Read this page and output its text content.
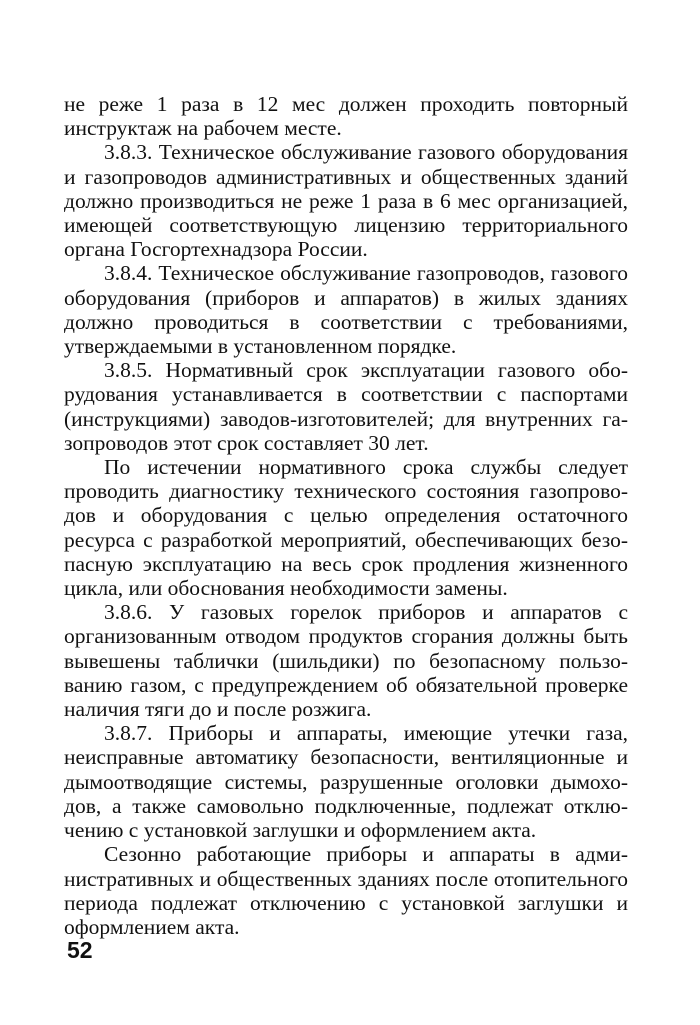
не реже 1 раза в 12 мес должен проходить повторный инструктаж на рабочем месте.

3.8.3. Техническое обслуживание газового оборудования и газопроводов административных и общественных зданий должно производиться не реже 1 раза в 6 мес организацией, имеющей соответствующую лицензию территориального органа Госгортехнадзора России.

3.8.4. Техническое обслуживание газопроводов, газового оборудования (приборов и аппаратов) в жилых зданиях должно проводиться в соответствии с требованиями, утверждаемыми в установленном порядке.

3.8.5. Нормативный срок эксплуатации газового оборудования устанавливается в соответствии с паспортами (инструкциями) заводов-изготовителей; для внутренних газопроводов этот срок составляет 30 лет.

По истечении нормативного срока службы следует проводить диагностику технического состояния газопроводов и оборудования с целью определения остаточного ресурса с разработкой мероприятий, обеспечивающих безопасную эксплуатацию на весь срок продления жизненного цикла, или обоснования необходимости замены.

3.8.6. У газовых горелок приборов и аппаратов с организованным отводом продуктов сгорания должны быть вывешены таблички (шильдики) по безопасному пользованию газом, с предупреждением об обязательной проверке наличия тяги до и после розжига.

3.8.7. Приборы и аппараты, имеющие утечки газа, неисправные автоматику безопасности, вентиляционные и дымоотводящие системы, разрушенные оголовки дымоходов, а также самовольно подключенные, подлежат отключению с установкой заглушки и оформлением акта.

Сезонно работающие приборы и аппараты в административных и общественных зданиях после отопительного периода подлежат отключению с установкой заглушки и оформлением акта.

52
